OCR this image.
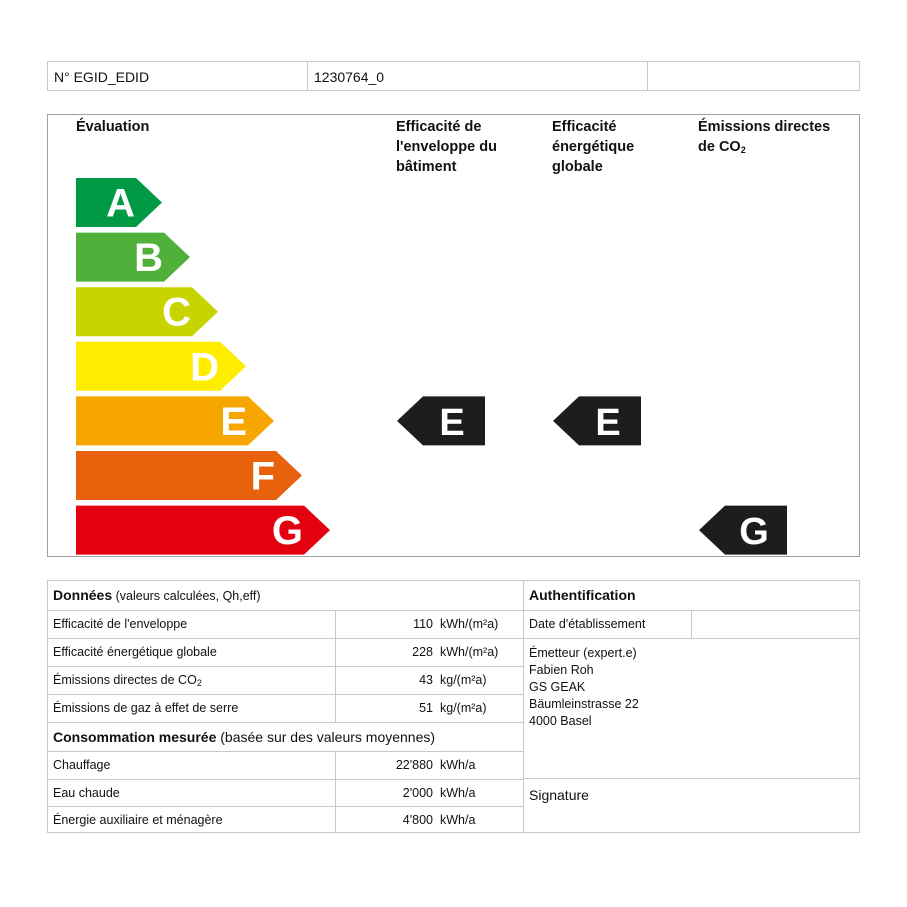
N° EGID_EDID	1230764_0
Évaluation	Efficacité de l'enveloppe du bâtiment
Efficacité énergétique globale
Émissions directes de $CO_2$
A
B
C
D
E
F
G
E	E
G
Données (valeurs calculées, Qh,eff)
Efficacité de l'enveloppe	110 kWh/(m²a)
Efficacité énergétique globale	228 kWh/(m²a)
Émissions directes de $CO_2$	43 kg/(m²a)
Émissions de gaz à effet de serre	51 kg/(m²a)
Consommation mesurée (basée sur des valeurs moyennes)
Chauffage	22'880 kWh/a
Eau chaude	2'000 kWh/a
Énergie auxiliaire et ménagère	4'800 kWh/a
Authentification
Date d'établissement
Émetteur (expert.e)
Fabien Roh
GS GEAK
Bäumleinstrasse 22
4000 Basel
Signature
